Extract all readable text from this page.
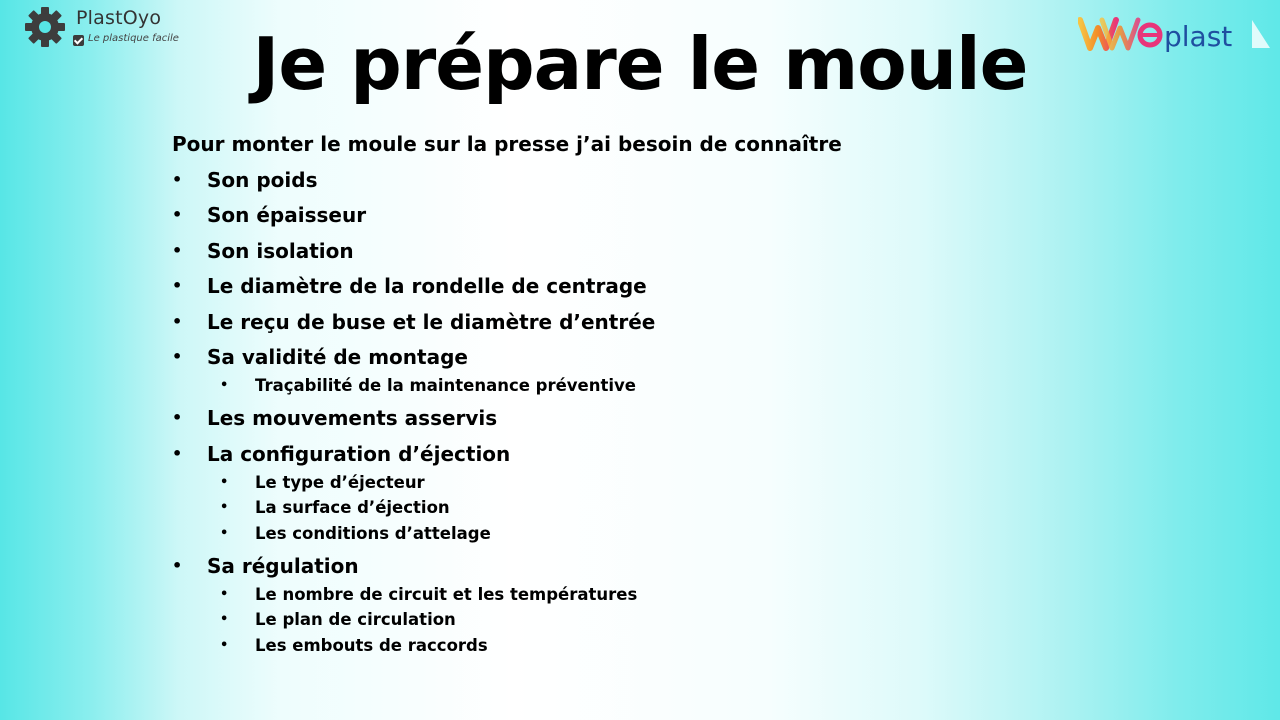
PlastOyo
Le plastique facile	plast
Je prépare le moule
Pour monter le moule sur la presse j’ai besoin de connaître
• Son poids
• Son épaisseur
• Son isolation
• Le diamètre de la rondelle de centrage
• Le reçu de buse et le diamètre d’entrée
• Sa validité de montage
• Traçabilité de la maintenance préventive
• Les mouvements asservis
• La configuration d’éjection
• Le type d’éjecteur
• La surface d’éjection
• Les conditions d’attelage
• Sa régulation
• Le nombre de circuit et les températures
• Le plan de circulation
• Les embouts de raccords
